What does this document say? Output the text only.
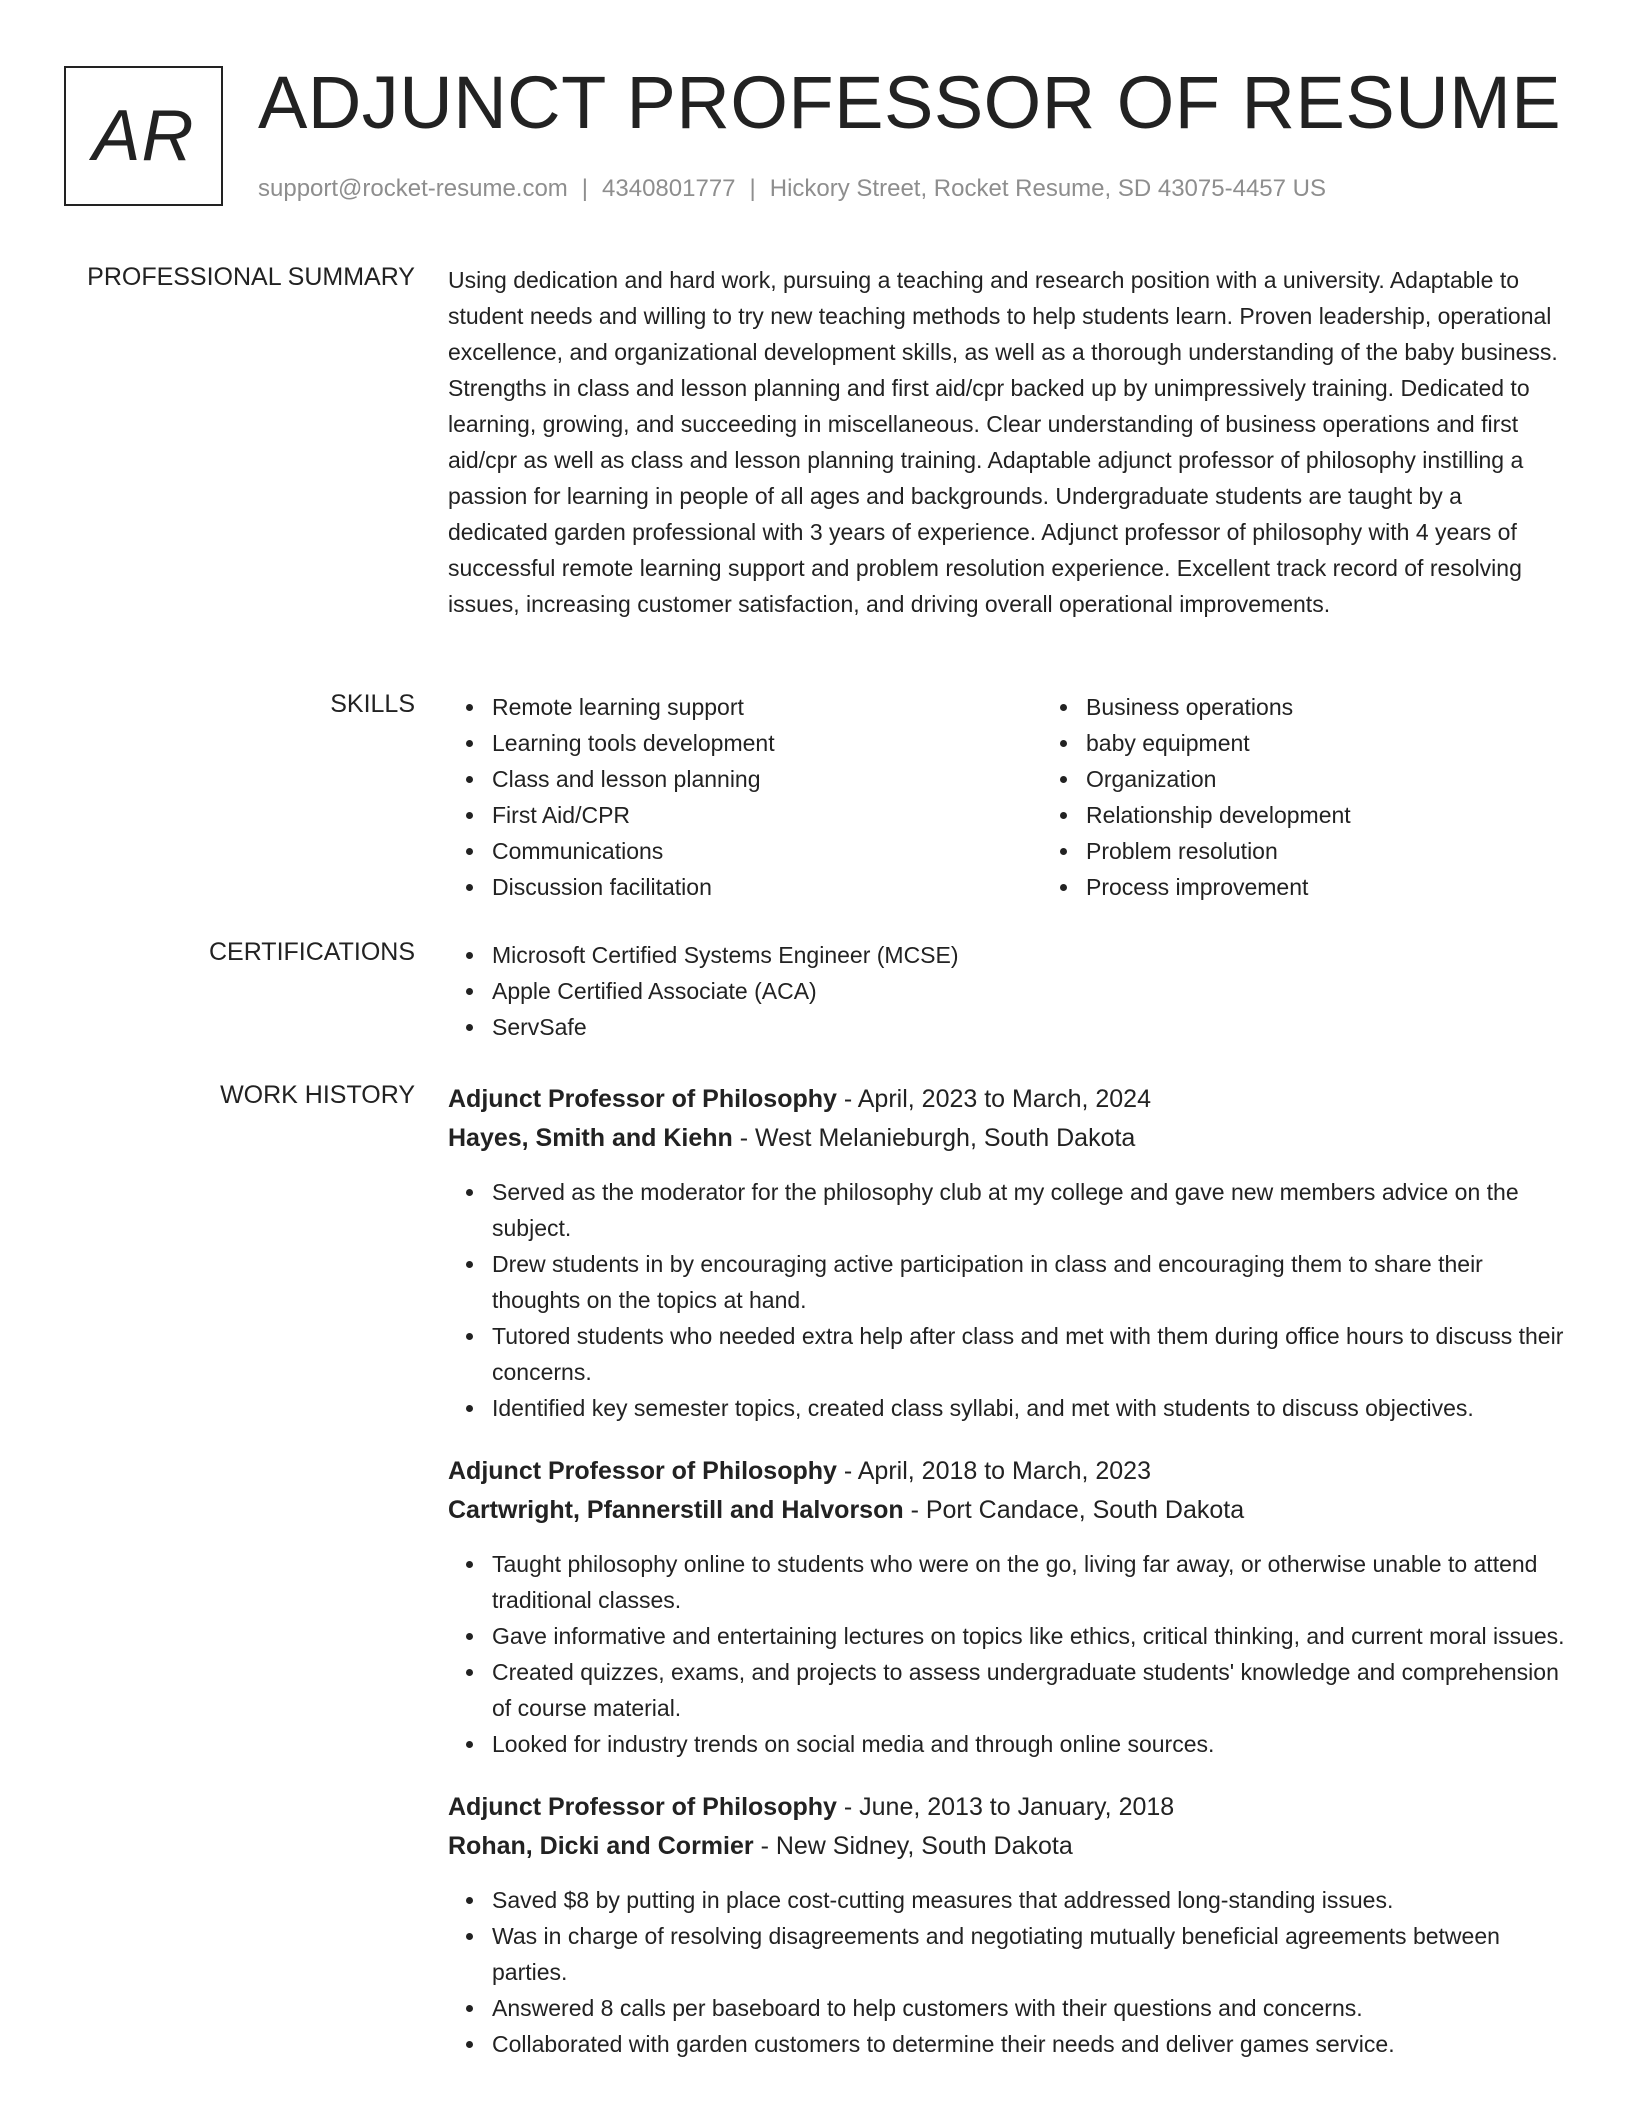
AR ADJUNCT PROFESSOR OF RESUME
support@rocket-resume.com | 4340801777 | Hickory Street, Rocket Resume, SD 43075-4457 US
PROFESSIONAL SUMMARY Using dedication and hard work, pursuing a teaching and research position with a university. Adaptable to student needs and willing to try new teaching methods to help students learn. Proven leadership, operational excellence, and organizational development skills, as well as a thorough understanding of the baby business. Strengths in class and lesson planning and first aid/cpr backed up by unimpressively training. Dedicated to learning, growing, and succeeding in miscellaneous. Clear understanding of business operations and first aid/cpr as well as class and lesson planning training. Adaptable adjunct professor of philosophy instilling a passion for learning in people of all ages and backgrounds. Undergraduate students are taught by a dedicated garden professional with 3 years of experience. Adjunct professor of philosophy with 4 years of successful remote learning support and problem resolution experience. Excellent track record of resolving issues, increasing customer satisfaction, and driving overall operational improvements.

SKILLS	Remote learning support
Learning tools development
Class and lesson planning
First Aid/CPR
Communications
Discussion facilitation
Business operations
baby equipment
Organization
Relationship development
Problem resolution
Process improvement
CERTIFICATIONS	Microsoft Certified Systems Engineer (MCSE)
Apple Certified Associate (ACA)
ServSafe
WORK HISTORY Adjunct Professor of Philosophy - April, 2023 to March, 2024
Hayes, Smith and Kiehn - West Melanieburgh, South Dakota
Served as the moderator for the philosophy club at my college and gave new members advice on the subject.
Drew students in by encouraging active participation in class and encouraging them to share their thoughts on the topics at hand.
Tutored students who needed extra help after class and met with them during office hours to discuss their concerns.
Identified key semester topics, created class syllabi, and met with students to discuss objectives.
Adjunct Professor of Philosophy - April, 2018 to March, 2023
Cartwright, Pfannerstill and Halvorson - Port Candace, South Dakota
Taught philosophy online to students who were on the go, living far away, or otherwise unable to attend traditional classes.
Gave informative and entertaining lectures on topics like ethics, critical thinking, and current moral issues.
Created quizzes, exams, and projects to assess undergraduate students' knowledge and comprehension of course material.
Looked for industry trends on social media and through online sources.
Adjunct Professor of Philosophy - June, 2013 to January, 2018
Rohan, Dicki and Cormier - New Sidney, South Dakota
Saved $8 by putting in place cost-cutting measures that addressed long-standing issues.
Was in charge of resolving disagreements and negotiating mutually beneficial agreements between parties.
Answered 8 calls per baseboard to help customers with their questions and concerns.
Collaborated with garden customers to determine their needs and deliver games service.
